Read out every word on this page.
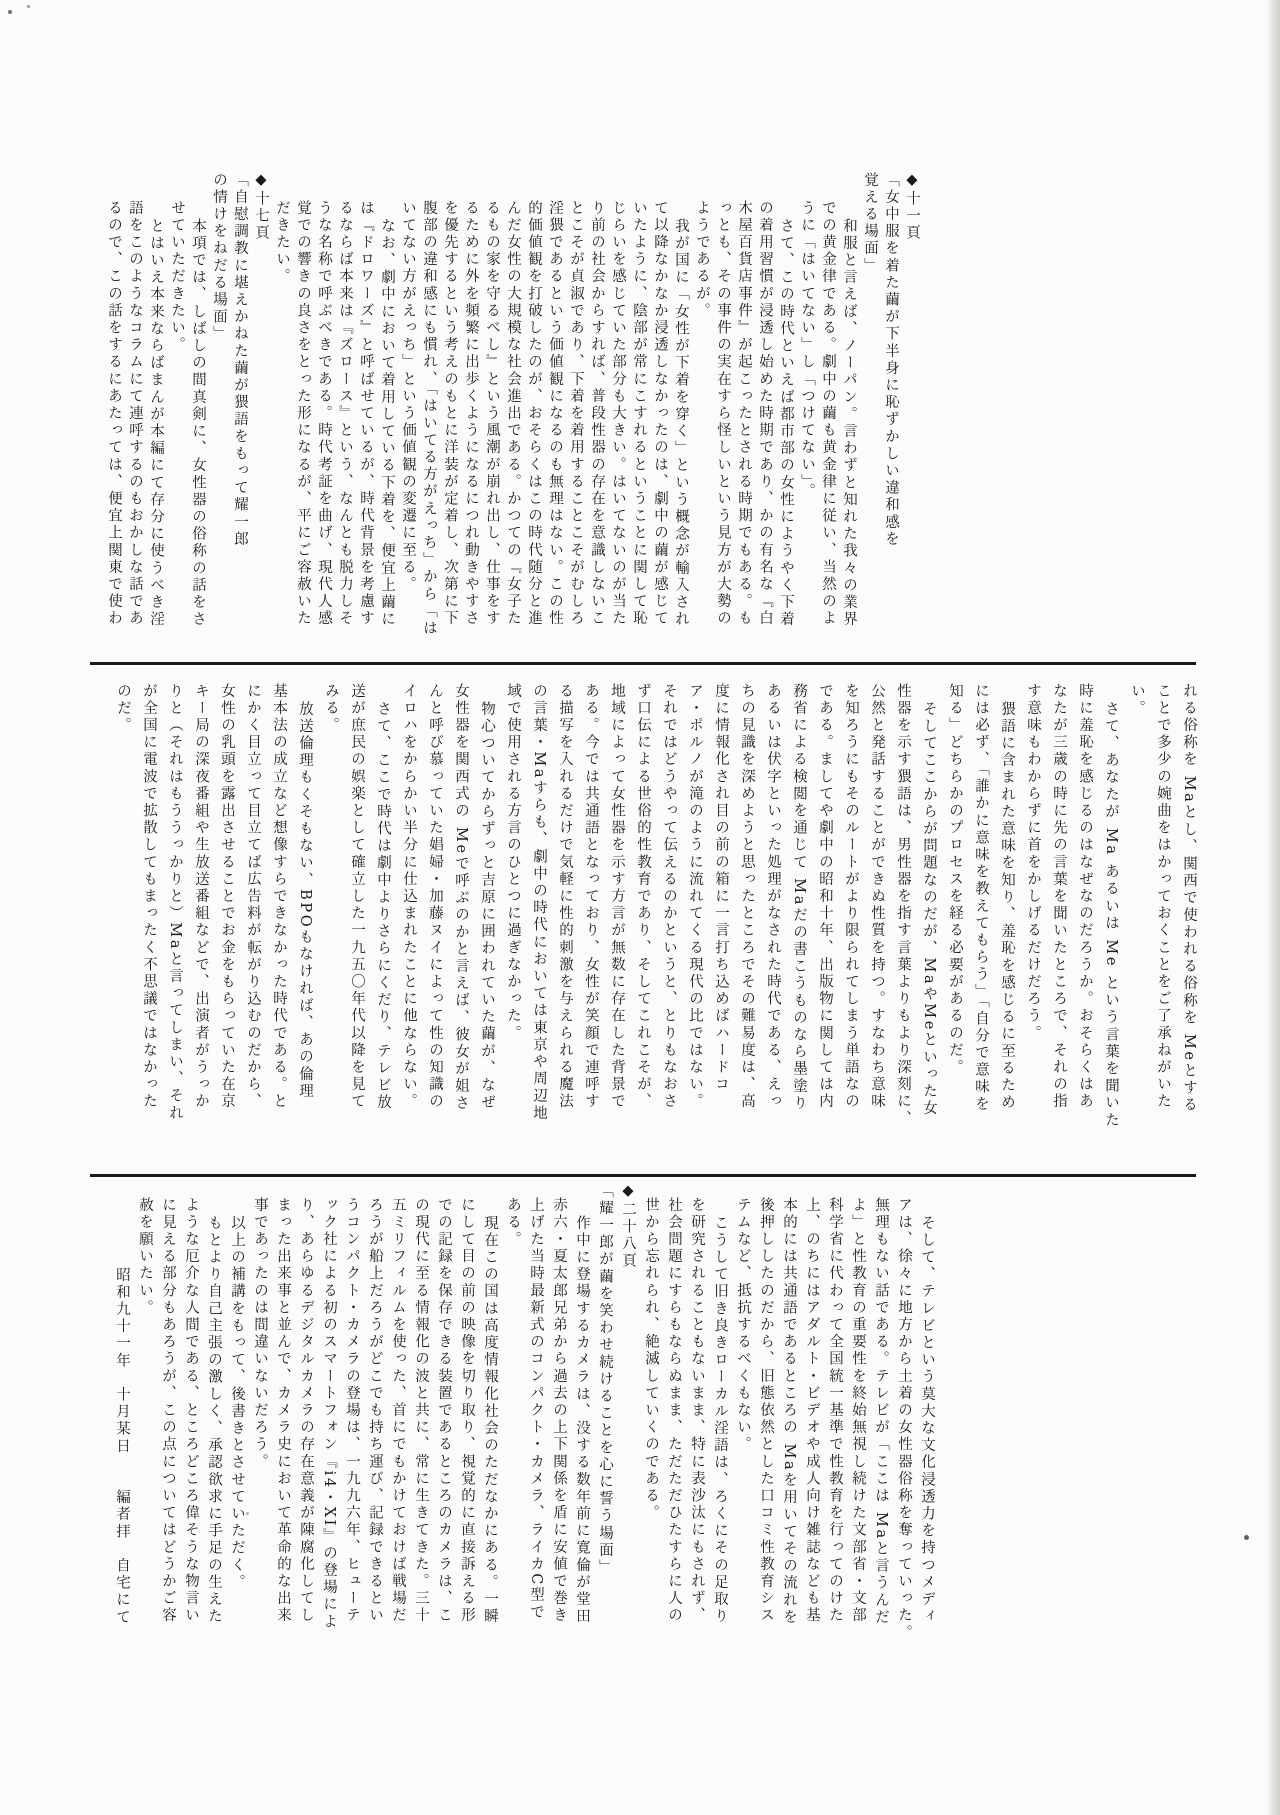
◆十一頁
「女中服を着た繭が下半身に恥ずかしい違和感を
覚える場面」
和服と言えば、ノーパン。言わずと知れた我々の業界
での黄金律である。劇中の繭も黄金律に従い、当然のよ
うに「はいてない」し「つけてない」。
さて、この時代といえば都市部の女性にようやく下着
の着用習慣が浸透し始めた時期であり、かの有名な『白
木屋百貨店事件』が起こったとされる時期でもある。も
っとも、その事件の実在すら怪しいという見方が大勢の
ようであるが。
我が国に「女性が下着を穿く」という概念が輸入され
て以降なかなか浸透しなかったのは、劇中の繭が感じて
いたように、陰部が常にこすれるということに関して恥
じらいを感じていた部分も大きい。はいてないのが当た
り前の社会からすれば、普段性器の存在を意識しないこ
とこそが貞淑であり、下着を着用することこそがむしろ
淫猥であるという価値観になるのも無理はない。この性
的価値観を打破したのが、おそらくはこの時代随分と進
んだ女性の大規模な社会進出である。かつての『女子た
るもの家を守るべし』という風潮が崩れ出し、仕事をす
るために外を頻繁に出歩くようになるにつれ動きやすさ
を優先するという考えのもとに洋装が定着し、次第に下
腹部の違和感にも慣れ、「はいてる方がえっち」から「は
いてない方がえっち」という価値観の変遷に至る。
なお、劇中において着用している下着を、便宜上繭に
は『ドロワーズ』と呼ばせているが、時代背景を考慮す
るならば本来は『ズロース』という、なんとも脱力しそ
うな名称で呼ぶべきである。時代考証を曲げ、現代人感
覚での響きの良さをとった形になるが、平にご容赦いた
だきたい。
◆十七頁
「自慰調教に堪えかねた繭が猥語をもって耀一郎
の情けをねだる場面」
本項では、しばしの間真剣に、女性器の俗称の話をさ
せていただきたい。
とはいえ本来ならばまんが本編にて存分に使うべき淫
語をこのようなコラムにて連呼するのもおかしな話であ
るので、この話をするにあたっては、便宜上関東で使わ
れる俗称を Maとし、関西で使われる俗称を Meとする
ことで多少の婉曲をはかっておくことをご了承ねがいた
い。
さて、あなたが Ma あるいは Me という言葉を聞いた
時に羞恥を感じるのはなぜなのだろうか。おそらくはあ
なたが三歳の時に先の言葉を聞いたところで、それの指
す意味もわからずに首をかしげるだけだろう。
猥語に含まれた意味を知り、羞恥を感じるに至るため
には必ず、「誰かに意味を教えてもらう」「自分で意味を
知る」どちらかのプロセスを経る必要があるのだ。
そしてここからが問題なのだが、MaやMeといった女
性器を示す猥語は、男性器を指す言葉よりもより深刻に、
公然と発話することができぬ性質を持つ。すなわち意味
を知ろうにもそのルートがより限られてしまう単語なの
である。ましてや劇中の昭和十年、出版物に関しては内
務省による検閲を通じて Maだの書こうものなら墨塗り
あるいは伏字といった処理がなされた時代である、えっ
ちの見識を深めようと思ったところでその難易度は、高
度に情報化され目の前の箱に一言打ち込めばハードコ
ア・ポルノが滝のように流れてくる現代の比ではない。
それではどうやって伝えるのかというと、とりもなおさ
ず口伝による世俗的性教育であり、そしてこれこそが、
地域によって女性器を示す方言が無数に存在した背景で
ある。今では共通語となっており、女性が笑顔で連呼す
る描写を入れるだけで気軽に性的刺激を与えられる魔法
の言葉・Maすらも、劇中の時代においては東京や周辺地
域で使用される方言のひとつに過ぎなかった。
物心ついてからずっと吉原に囲われていた繭が、なぜ
女性器を関西式の Meで呼ぶのかと言えば、彼女が姐さ
んと呼び慕っていた娼婦・加藤ヌイによって性の知識の
イロハをからかい半分に仕込まれたことに他ならない。
さて、ここで時代は劇中よりさらにくだり、テレビ放
送が庶民の娯楽として確立した一九五〇年代以降を見て
みる。
放送倫理もくそもない、BPOもなければ、あの倫理
基本法の成立など想像すらできなかった時代である。と
にかく目立って目立てば広告料が転がり込むのだから、
女性の乳頭を露出させることでお金をもらっていた在京
キー局の深夜番組や生放送番組などで、出演者がうっか
りと（それはもううっかりと）Maと言ってしまい、それ
が全国に電波で拡散してもまったく不思議ではなかった
のだ。
そして、テレビという莫大な文化浸透力を持つメディ
アは、徐々に地方から土着の女性器俗称を奪っていった。
無理もない話である。テレビが「ここは Maと言うんだ
よ」と性教育の重要性を終始無視し続けた文部省・文部
科学省に代わって全国統一基準で性教育を行ってのけた
上、のちにはアダルト・ビデオや成人向け雑誌なども基
本的には共通語であるところの Maを用いてその流れを
後押ししたのだから、旧態依然とした口コミ性教育シス
テムなど、抵抗するべくもない。
こうして旧き良きローカル淫語は、ろくにその足取り
を研究されることもないまま、特に表沙汰にもされず、
社会問題にすらもならぬまま、ただただひたすらに人の
世から忘れられ、絶滅していくのである。
◆二十八頁
「耀一郎が繭を笑わせ続けることを心に誓う場面」
作中に登場するカメラは、没する数年前に寛倫が堂田
赤六・夏太郎兄弟から過去の上下関係を盾に安値で巻き
上げた当時最新式のコンパクト・カメラ、ライカC型で
ある。
現在この国は高度情報化社会のただなかにある。一瞬
にして目の前の映像を切り取り、視覚的に直接訴える形
での記録を保存できる装置であるところのカメラは、こ
の現代に至る情報化の波と共に、常に生きてきた。三十
五ミリフィルムを使った、首にでもかけておけば戦場だ
ろうが船上だろうがどこでも持ち運び、記録できるとい
うコンパクト・カメラの登場は、一九九六年、ヒューテ
ック社による初のスマートフォン『i4・XI』の登場によ
り、あらゆるデジタルカメラの存在意義が陳腐化してし
まった出来事と並んで、カメラ史において革命的な出来
事であったのは間違いないだろう。
以上の補講をもって、後書きとさせていただく。
もとより自己主張の激しく、承認欲求に手足の生えた
ような厄介な人間である、ところどころ偉そうな物言い
に見える部分もあろうが、この点についてはどうかご容
赦を願いたい。
昭和九十一年　十月某日　　編者拝　自宅にて
